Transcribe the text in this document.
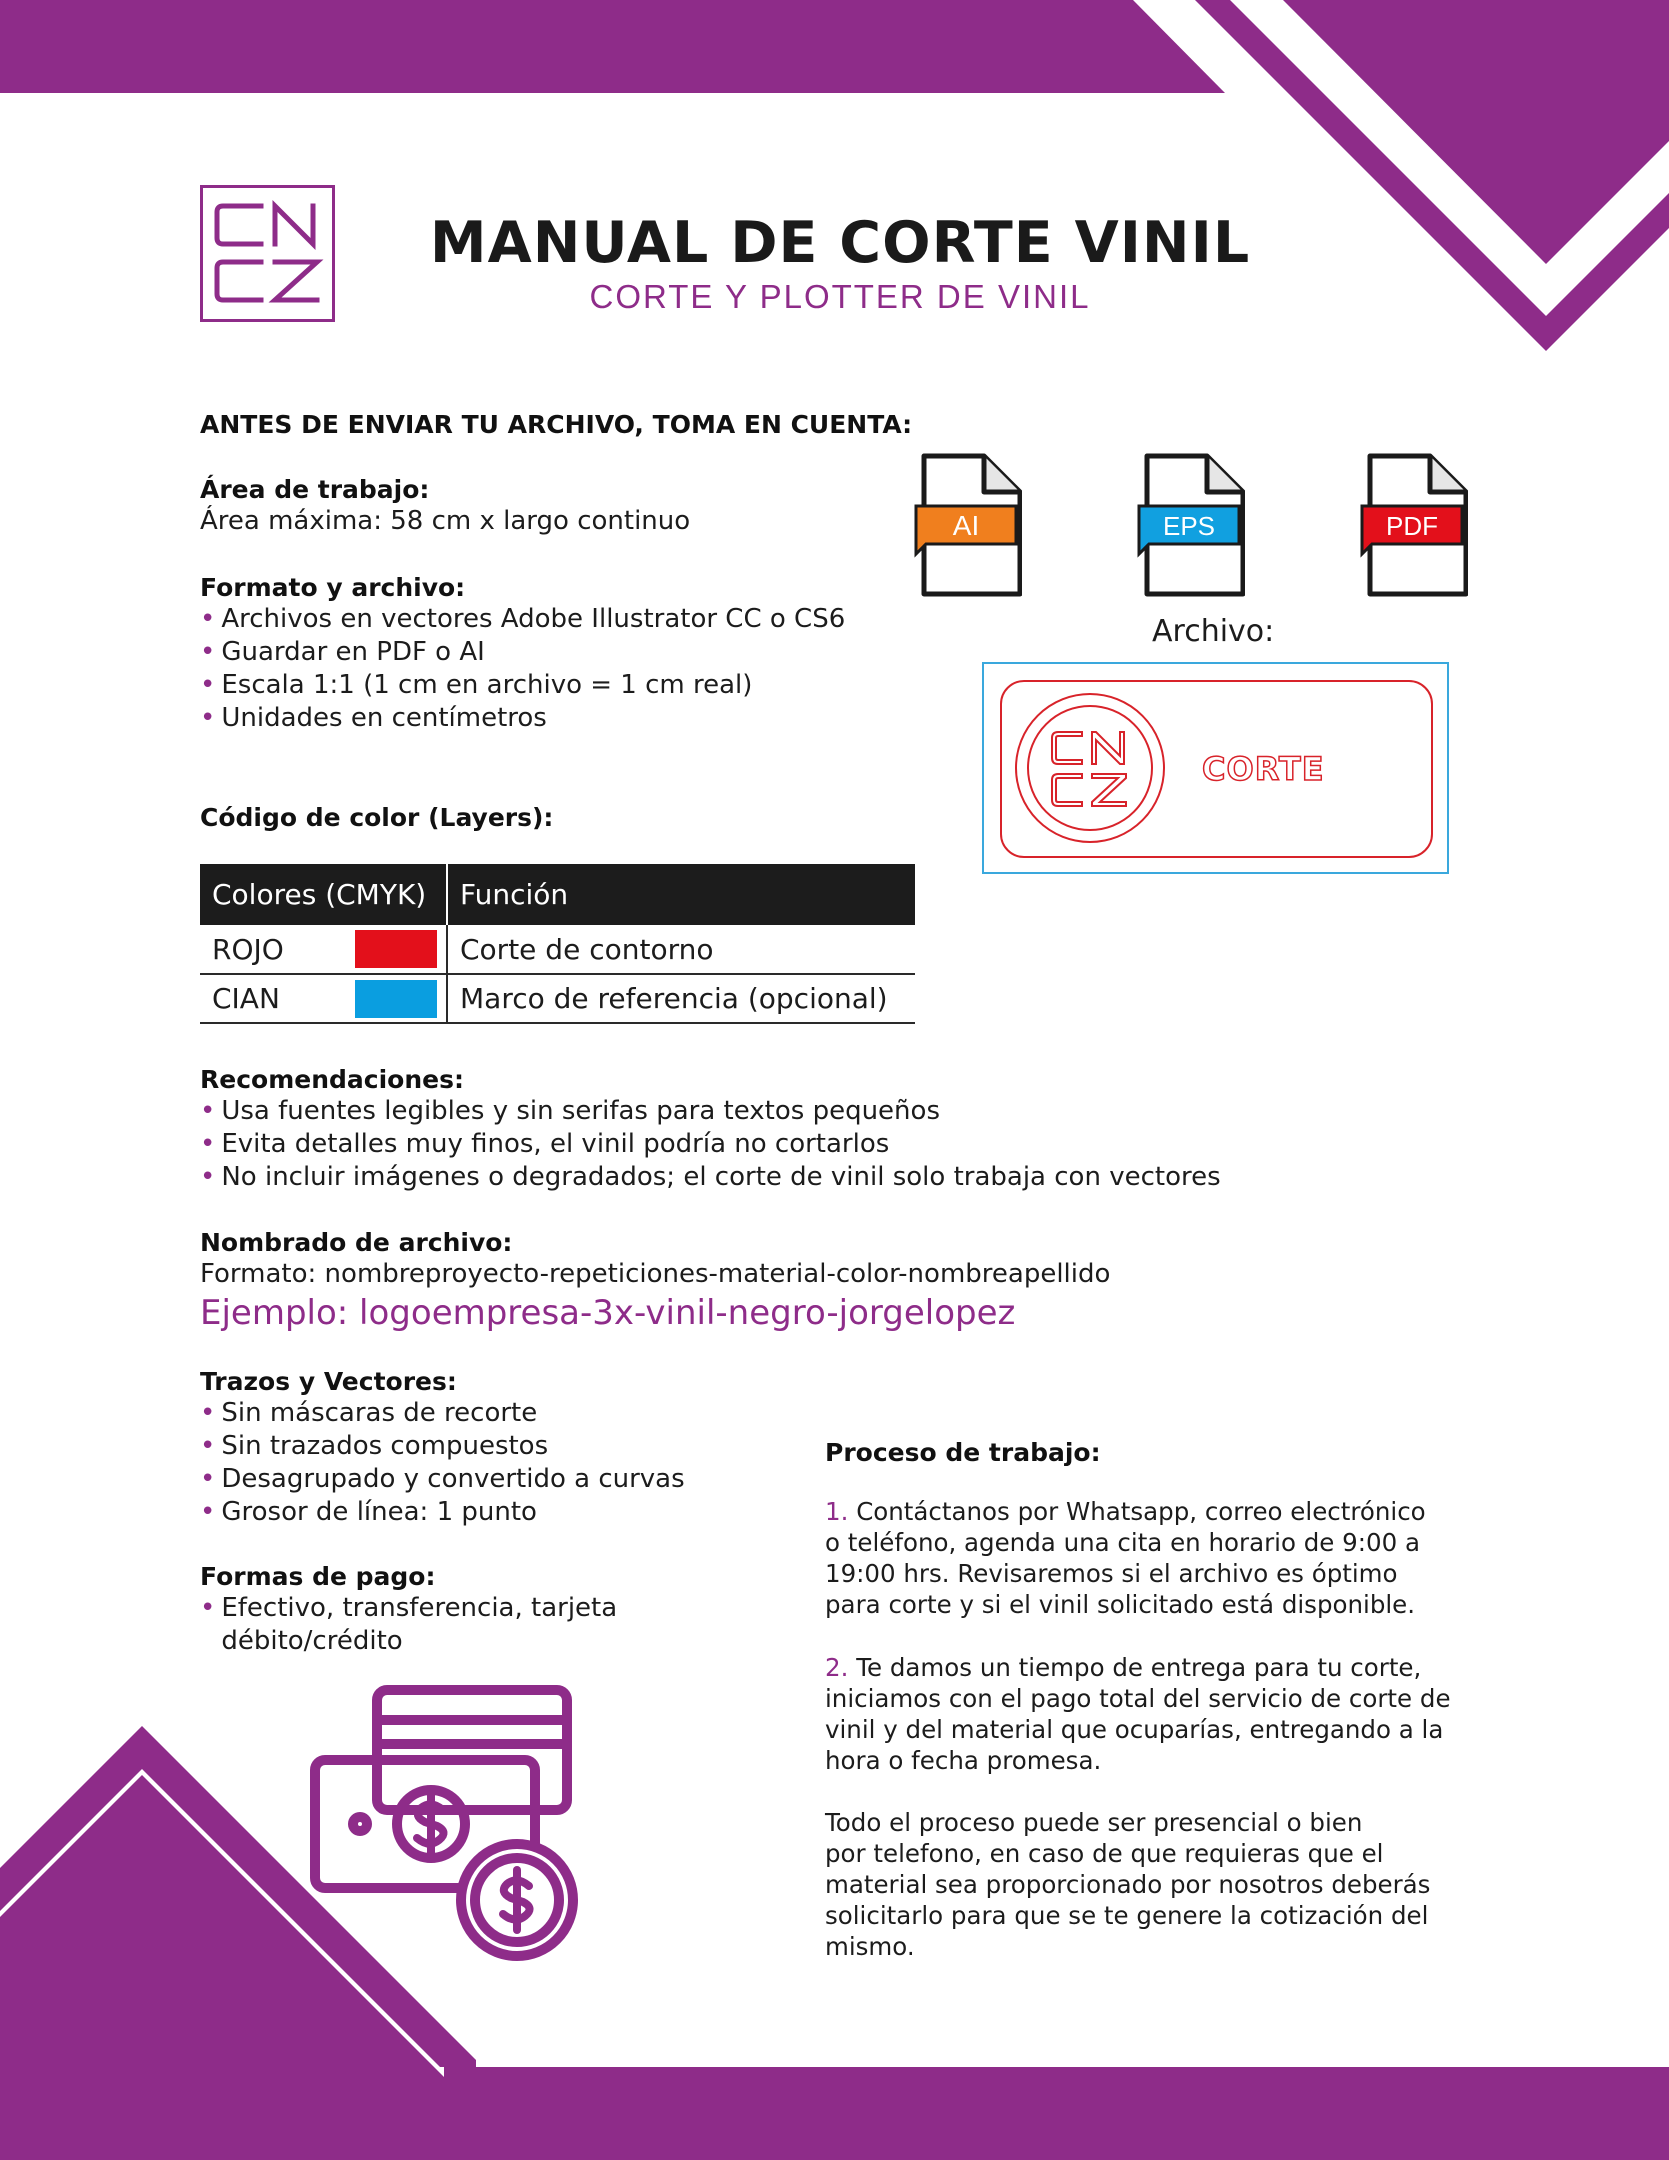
MANUAL DE CORTE VINIL
CORTE Y PLOTTER DE VINIL
ANTES DE ENVIAR TU ARCHIVO, TOMA EN CUENTA:
Área de trabajo:
Área máxima: 58 cm x largo continuo
Formato y archivo:
• Archivos en vectores Adobe Illustrator CC o CS6
• Guardar en PDF o AI
• Escala 1:1 (1 cm en archivo = 1 cm real)
• Unidades en centímetros
AI	EPS	PDF
Archivo:
CORTE
Código de color (Layers):
Colores (CMYK)		Función
ROJO		Corte de contorno
CIAN		Marco de referencia (opcional)
Recomendaciones:
• Usa fuentes legibles y sin serifas para textos pequeños
• Evita detalles muy finos, el vinil podría no cortarlos
• No incluir imágenes o degradados; el corte de vinil solo trabaja con vectores
Nombrado de archivo:
Formato: nombreproyecto-repeticiones-material-color-nombreapellido
Ejemplo: logoempresa-3x-vinil-negro-jorgelopez
Trazos y Vectores:
• Sin máscaras de recorte
• Sin trazados compuestos
• Desagrupado y convertido a curvas
• Grosor de línea: 1 punto
Formas de pago:
• Efectivo, transferencia, tarjeta
débito/crédito
Proceso de trabajo:
1. Contáctanos por Whatsapp, correo electrónico
o teléfono, agenda una cita en horario de 9:00 a
19:00 hrs. Revisaremos si el archivo es óptimo
para corte y si el vinil solicitado está disponible.
2. Te damos un tiempo de entrega para tu corte,
iniciamos con el pago total del servicio de corte de
vinil y del material que ocuparías, entregando a la
hora o fecha promesa.
Todo el proceso puede ser presencial o bien
por telefono, en caso de que requieras que el
material sea proporcionado por nosotros deberás
solicitarlo para que se te genere la cotización del
mismo.
